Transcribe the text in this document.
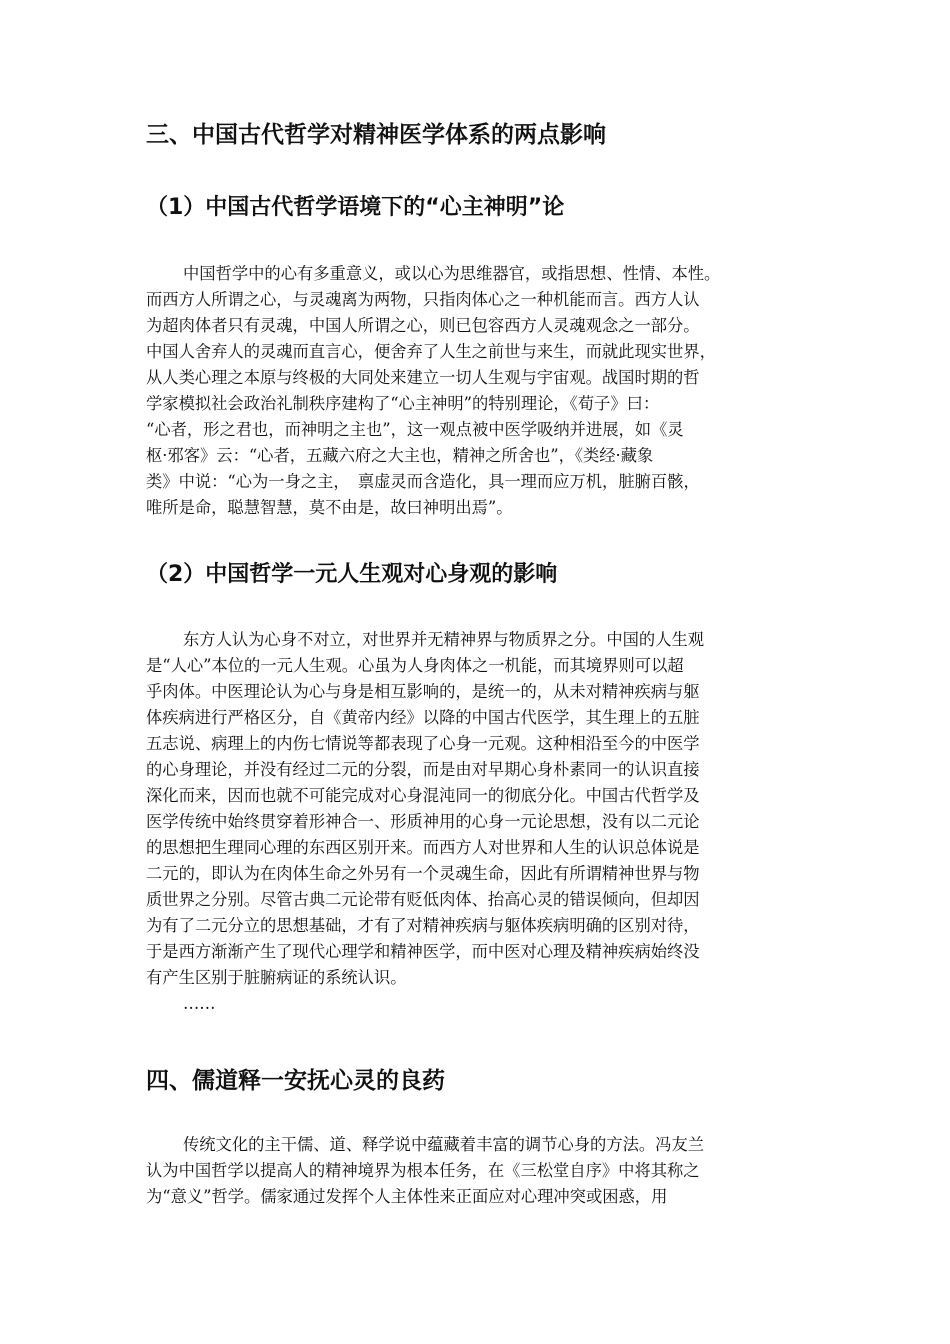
三、中国古代哲学对精神医学体系的两点影响
（1）中国古代哲学语境下的“心主神明”论
中国哲学中的心有多重意义，或以心为思维器官，或指思想、性情、本性。
而西方人所谓之心，与灵魂离为两物，只指肉体心之一种机能而言。西方人认
为超肉体者只有灵魂，中国人所谓之心，则已包容西方人灵魂观念之一部分。
中国人舍弃人的灵魂而直言心，便舍弃了人生之前世与来生，而就此现实世界，
从人类心理之本原与终极的大同处来建立一切人生观与宇宙观。战国时期的哲
学家模拟社会政治礼制秩序建构了“心主神明”的特别理论，《荀子》曰：
“心者，形之君也，而神明之主也”，这一观点被中医学吸纳并进展，如《灵
枢·邪客》云：“心者，五藏六府之大主也，精神之所舍也”，《类经·藏象
类》中说：“心为一身之主，　禀虚灵而含造化，具一理而应万机，脏腑百骸，
唯所是命，聪慧智慧，莫不由是，故曰神明出焉”。
（2）中国哲学一元人生观对心身观的影响
东方人认为心身不对立，对世界并无精神界与物质界之分。中国的人生观
是“人心”本位的一元人生观。心虽为人身肉体之一机能，而其境界则可以超
乎肉体。中医理论认为心与身是相互影响的，是统一的，从未对精神疾病与躯
体疾病进行严格区分，自《黄帝内经》以降的中国古代医学，其生理上的五脏
五志说、病理上的内伤七情说等都表现了心身一元观。这种相沿至今的中医学
的心身理论，并没有经过二元的分裂，而是由对早期心身朴素同一的认识直接
深化而来，因而也就不可能完成对心身混沌同一的彻底分化。中国古代哲学及
医学传统中始终贯穿着形神合一、形质神用的心身一元论思想，没有以二元论
的思想把生理同心理的东西区别开来。而西方人对世界和人生的认识总体说是
二元的，即认为在肉体生命之外另有一个灵魂生命，因此有所谓精神世界与物
质世界之分别。尽管古典二元论带有贬低肉体、抬高心灵的错误倾向，但却因
为有了二元分立的思想基础，才有了对精神疾病与躯体疾病明确的区别对待，
于是西方渐渐产生了现代心理学和精神医学，而中医对心理及精神疾病始终没
有产生区别于脏腑病证的系统认识。
……
四、儒道释一安抚心灵的良药
传统文化的主干儒、道、释学说中蕴藏着丰富的调节心身的方法。冯友兰
认为中国哲学以提高人的精神境界为根本任务，在《三松堂自序》中将其称之
为“意义”哲学。儒家通过发挥个人主体性来正面应对心理冲突或困惑，用
